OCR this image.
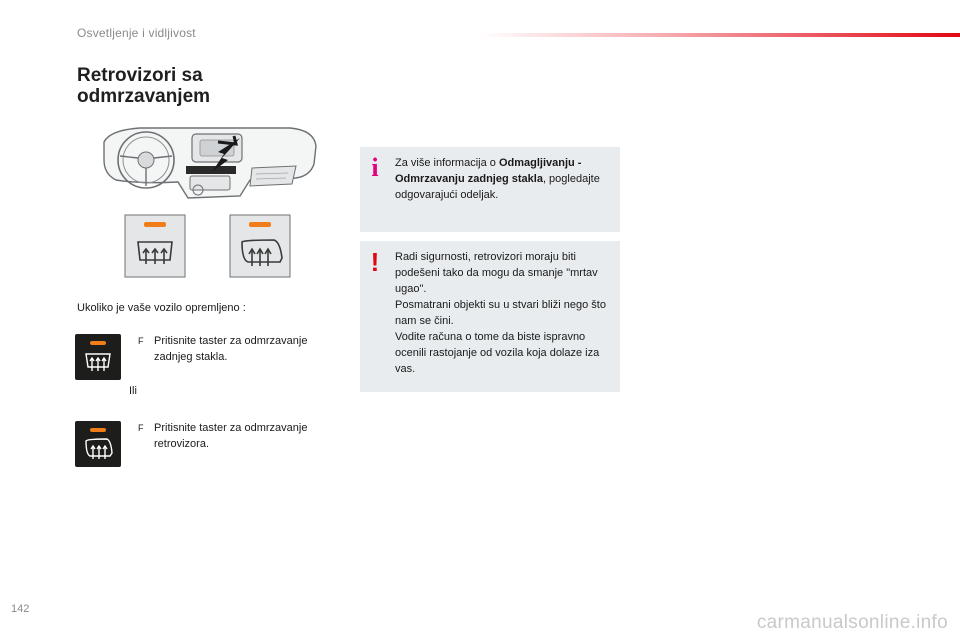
Osvetljenje i vidljivost
Retrovizori sa odmrzavanjem
Ukoliko je vaše vozilo opremljeno :
F Pritisnite taster za odmrzavanje zadnjeg stakla.
Ili
F Pritisnite taster za odmrzavanje retrovizora.
i	Za više informacija o Odmagljivanju - Odmrzavanju zadnjeg stakla, pogledajte odgovarajući odeljak.
! Radi sigurnosti, retrovizori moraju biti podešeni tako da mogu da smanje "mrtav ugao".
Posmatrani objekti su u stvari bliži nego što nam se čini.
Vodite računa o tome da biste ispravno ocenili rastojanje od vozila koja dolaze iza vas.
142
carmanualsonline.info
